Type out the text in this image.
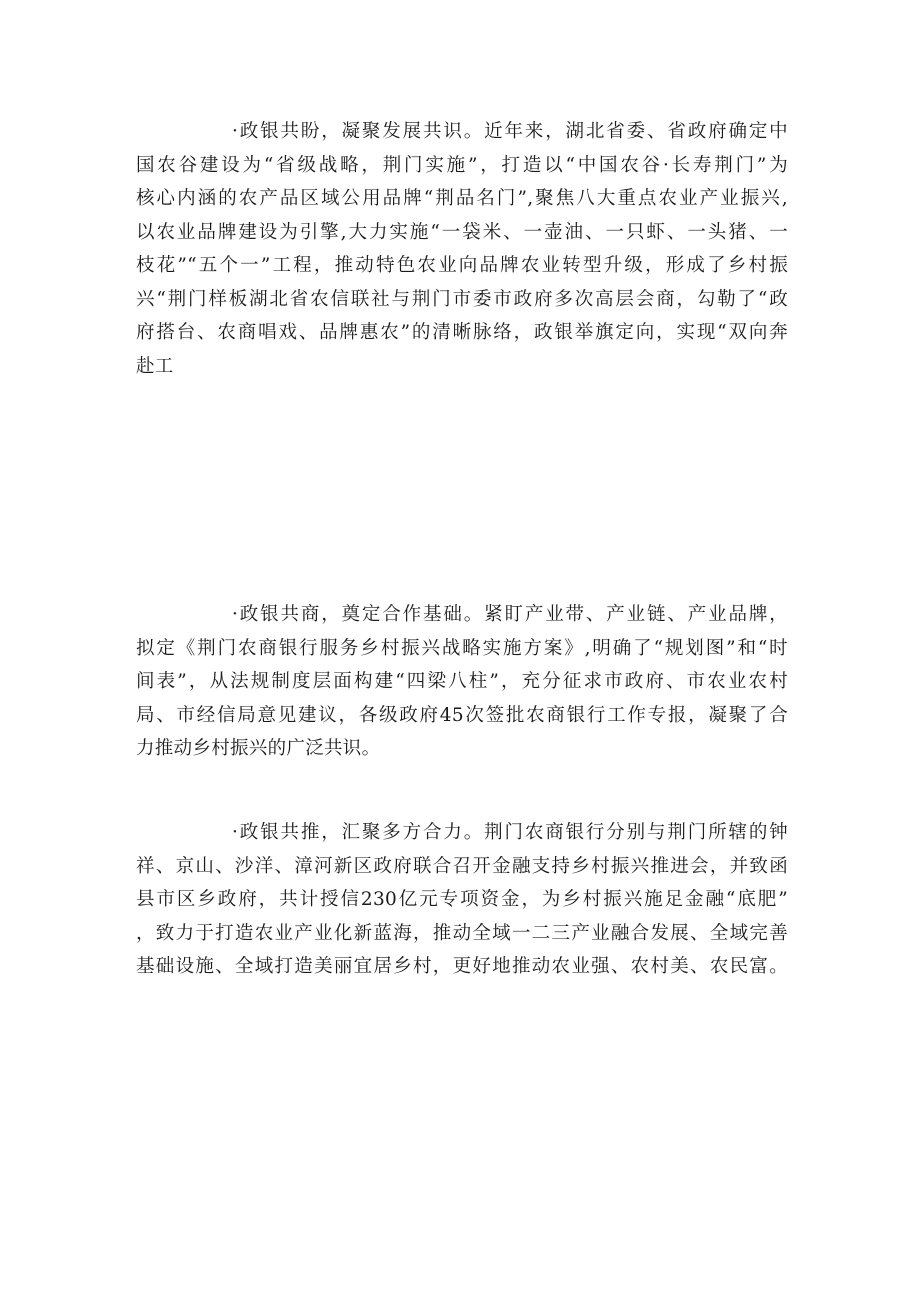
·政银共盼，凝聚发展共识。近年来，湖北省委、省政府确定中
国农谷建设为“省级战略，荆门实施”，打造以“中国农谷·长寿荆门”为
核心内涵的农产品区域公用品牌“荆品名门”,聚焦八大重点农业产业振兴,
以农业品牌建设为引擎,大力实施“一袋米、一壶油、一只虾、一头猪、一
枝花”“五个一”工程，推动特色农业向品牌农业转型升级，形成了乡村振
兴“荆门样板湖北省农信联社与荆门市委市政府多次高层会商，勾勒了“政
府搭台、农商唱戏、品牌惠农”的清晰脉络，政银举旗定向，实现“双向奔
赴工
·政银共商，奠定合作基础。紧盯产业带、产业链、产业品牌，
拟定《荆门农商银行服务乡村振兴战略实施方案》,明确了“规划图”和“时
间表”，从法规制度层面构建“四梁八柱”，充分征求市政府、市农业农村
局、市经信局意见建议，各级政府45次签批农商银行工作专报，凝聚了合
力推动乡村振兴的广泛共识。
·政银共推，汇聚多方合力。荆门农商银行分别与荆门所辖的钟
祥、京山、沙洋、漳河新区政府联合召开金融支持乡村振兴推进会，并致函
县市区乡政府，共计授信230亿元专项资金，为乡村振兴施足金融“底肥”
，致力于打造农业产业化新蓝海，推动全域一二三产业融合发展、全域完善
基础设施、全域打造美丽宜居乡村，更好地推动农业强、农村美、农民富。
